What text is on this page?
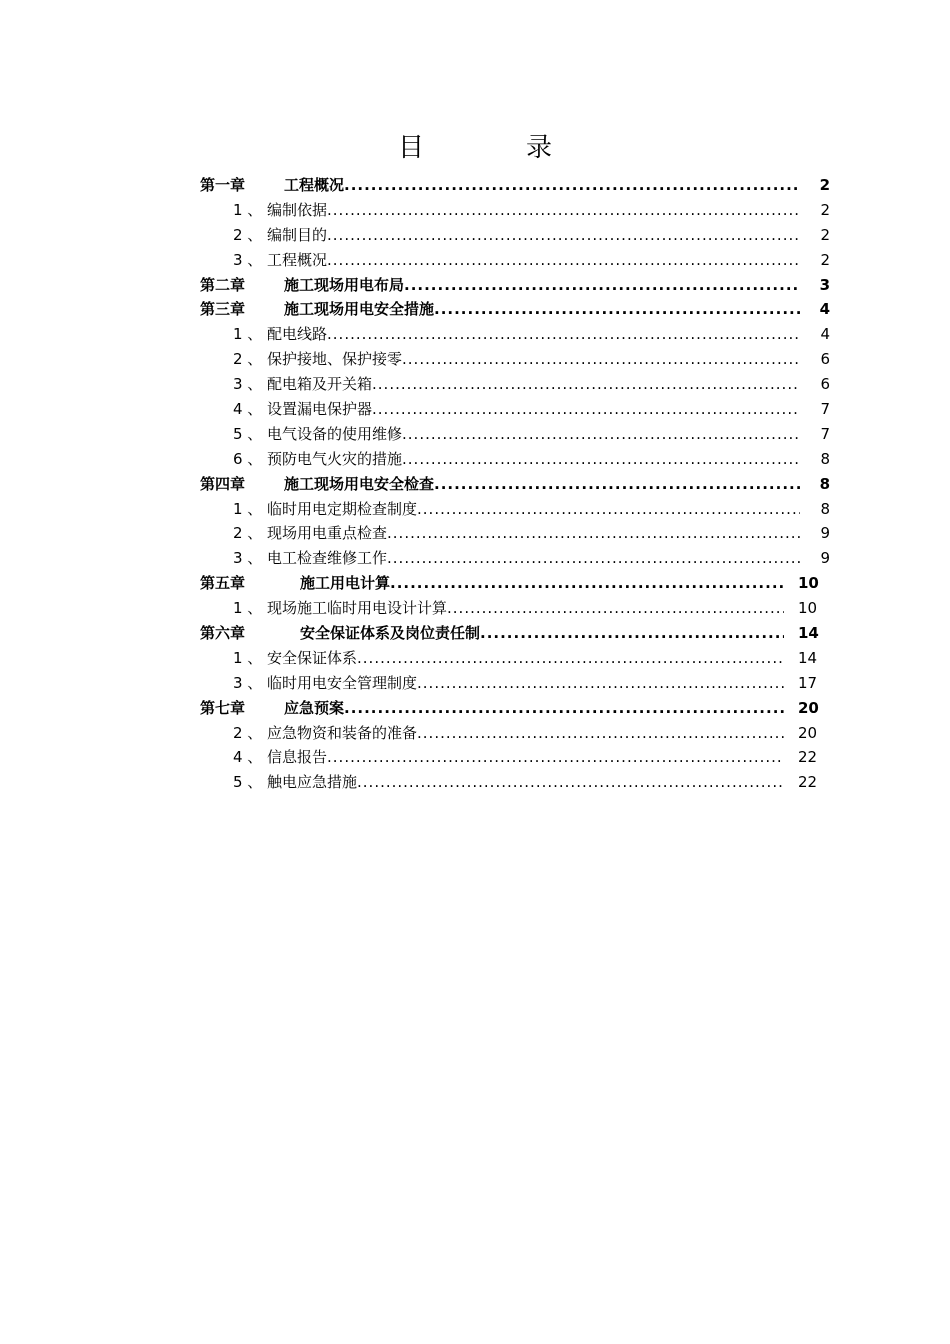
目　录
第一章	工程概况 .....	2
1 、 编制依据 .....	2
2 、 编制目的 .....	2
3 、 工程概况 .....	2
第二章	施工现场用电布局 .....	3
第三章	施工现场用电安全措施 .....	4
1 、 配电线路 .....	4
2 、 保护接地、保护接零 .....	6
3 、 配电箱及开关箱 .....	6
4 、 设置漏电保护器 .....	7
5 、 电气设备的使用维修 .....	7
6 、 预防电气火灾的措施 .....	8
第四章	施工现场用电安全检查 .....	8
1 、 临时用电定期检查制度 .....	8
2 、 现场用电重点检查 .....	9
3 、 电工检查维修工作 .....	9
第五章	施工用电计算 .....	10
1 、 现场施工临时用电设计计算 .....	10
第六章	安全保证体系及岗位责任制 .....	14
1 、 安全保证体系 .....	14
3 、 临时用电安全管理制度 .....	17
第七章	应急预案 .....	20
2 、 应急物资和装备的准备 .....	20
4 、 信息报告 .....	22
5 、 触电应急措施 .....	22
